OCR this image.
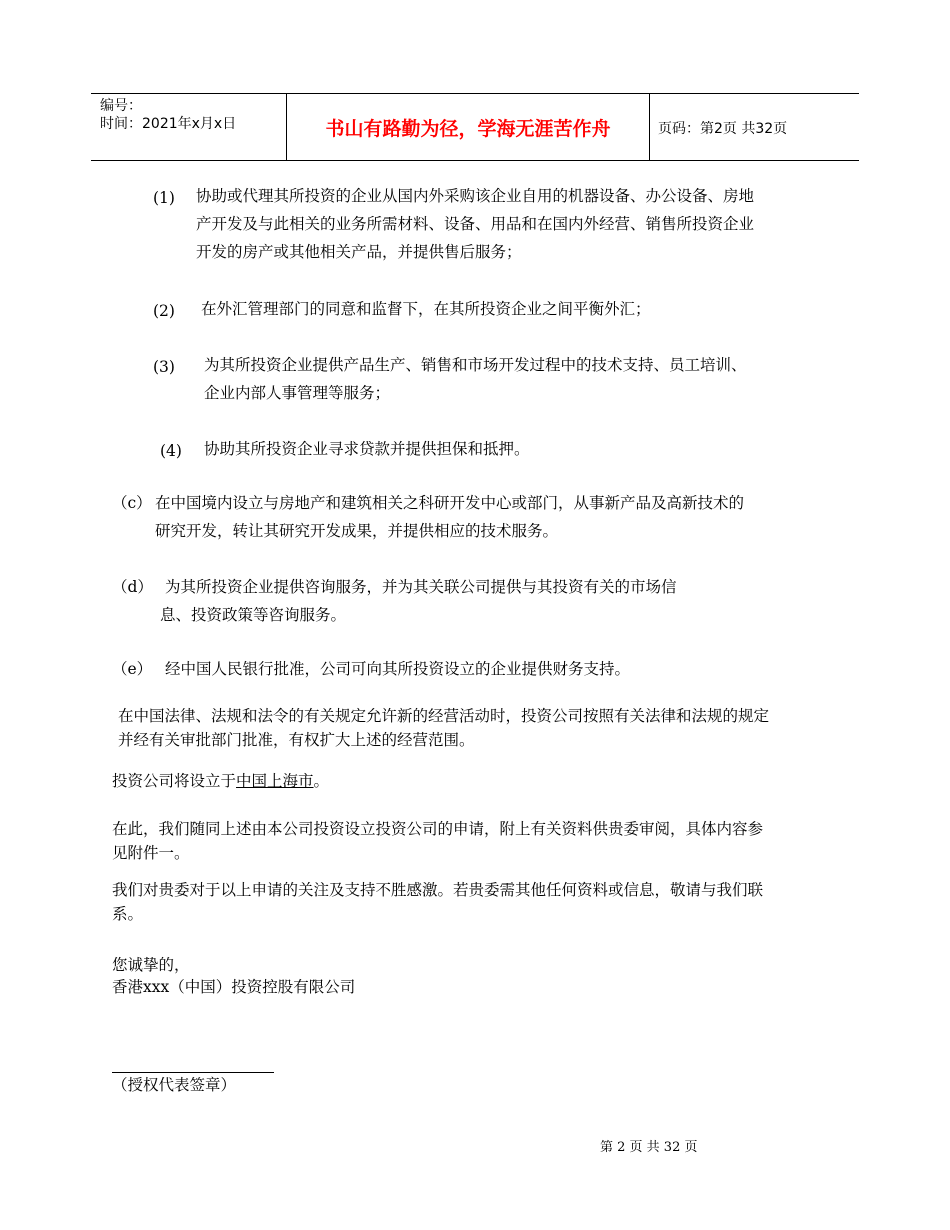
编号：
时间：2021年x月x日	书山有路勤为径，学海无涯苦作舟	页码：第2页 共32页
(1) 协助或代理其所投资的企业从国内外采购该企业自用的机器设备、办公设备、房地
产开发及与此相关的业务所需材料、设备、用品和在国内外经营、销售所投资企业
开发的房产或其他相关产品，并提供售后服务；
(2) 在外汇管理部门的同意和监督下，在其所投资企业之间平衡外汇；
(3) 为其所投资企业提供产品生产、销售和市场开发过程中的技术支持、员工培训、
企业内部人事管理等服务；
(4) 协助其所投资企业寻求贷款并提供担保和抵押。
（c） 在中国境内设立与房地产和建筑相关之科研开发中心或部门，从事新产品及高新技术的
研究开发，转让其研究开发成果，并提供相应的技术服务。
（d） 为其所投资企业提供咨询服务，并为其关联公司提供与其投资有关的市场信
息、投资政策等咨询服务。
（e） 经中国人民银行批准，公司可向其所投资设立的企业提供财务支持。
在中国法律、法规和法令的有关规定允许新的经营活动时，投资公司按照有关法律和法规的规定
并经有关审批部门批准，有权扩大上述的经营范围。
投资公司将设立于中国上海市。
在此，我们随同上述由本公司投资设立投资公司的申请，附上有关资料供贵委审阅，具体内容参
见附件一。
我们对贵委对于以上申请的关注及支持不胜感激。若贵委需其他任何资料或信息，敬请与我们联
系。
您诚挚的，
香港xxx（中国）投资控股有限公司
（授权代表签章）
第 2 页 共 32 页
